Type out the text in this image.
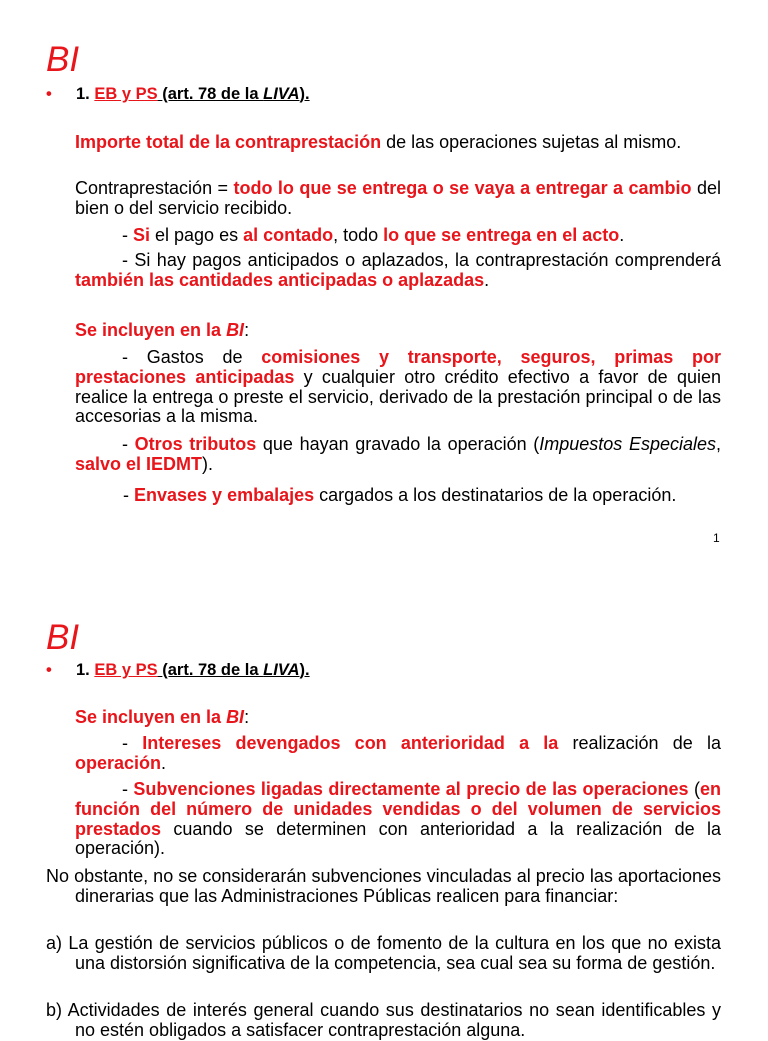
BI
• 1. EB y PS (art. 78 de la LIVA).

Importe total de la contraprestación de las operaciones sujetas al mismo.

Contraprestación = todo lo que se entrega o se vaya a entregar a cambio del bien o del servicio recibido.

- Si el pago es al contado, todo lo que se entrega en el acto.

- Si hay pagos anticipados o aplazados, la contraprestación comprenderá también las cantidades anticipadas o aplazadas.

Se incluyen en la BI:

- Gastos de comisiones y transporte, seguros, primas por prestaciones anticipadas y cualquier otro crédito efectivo a favor de quien realice la entrega o preste el servicio, derivado de la prestación principal o de las accesorias a la misma.

- Otros tributos que hayan gravado la operación (Impuestos Especiales, salvo el IEDMT).

- Envases y embalajes cargados a los destinatarios de la operación.

1
BI
• 1. EB y PS (art. 78 de la LIVA).

Se incluyen en la BI:

- Intereses devengados con anterioridad a la realización de la operación.

- Subvenciones ligadas directamente al precio de las operaciones (en función del número de unidades vendidas o del volumen de servicios prestados cuando se determinen con anterioridad a la realización de la operación).

No obstante, no se considerarán subvenciones vinculadas al precio las aportaciones dinerarias que las Administraciones Públicas realicen para financiar:

a) La gestión de servicios públicos o de fomento de la cultura en los que no exista una distorsión significativa de la competencia, sea cual sea su forma de gestión.

b) Actividades de interés general cuando sus destinatarios no sean identificables y no estén obligados a satisfacer contraprestación alguna.
